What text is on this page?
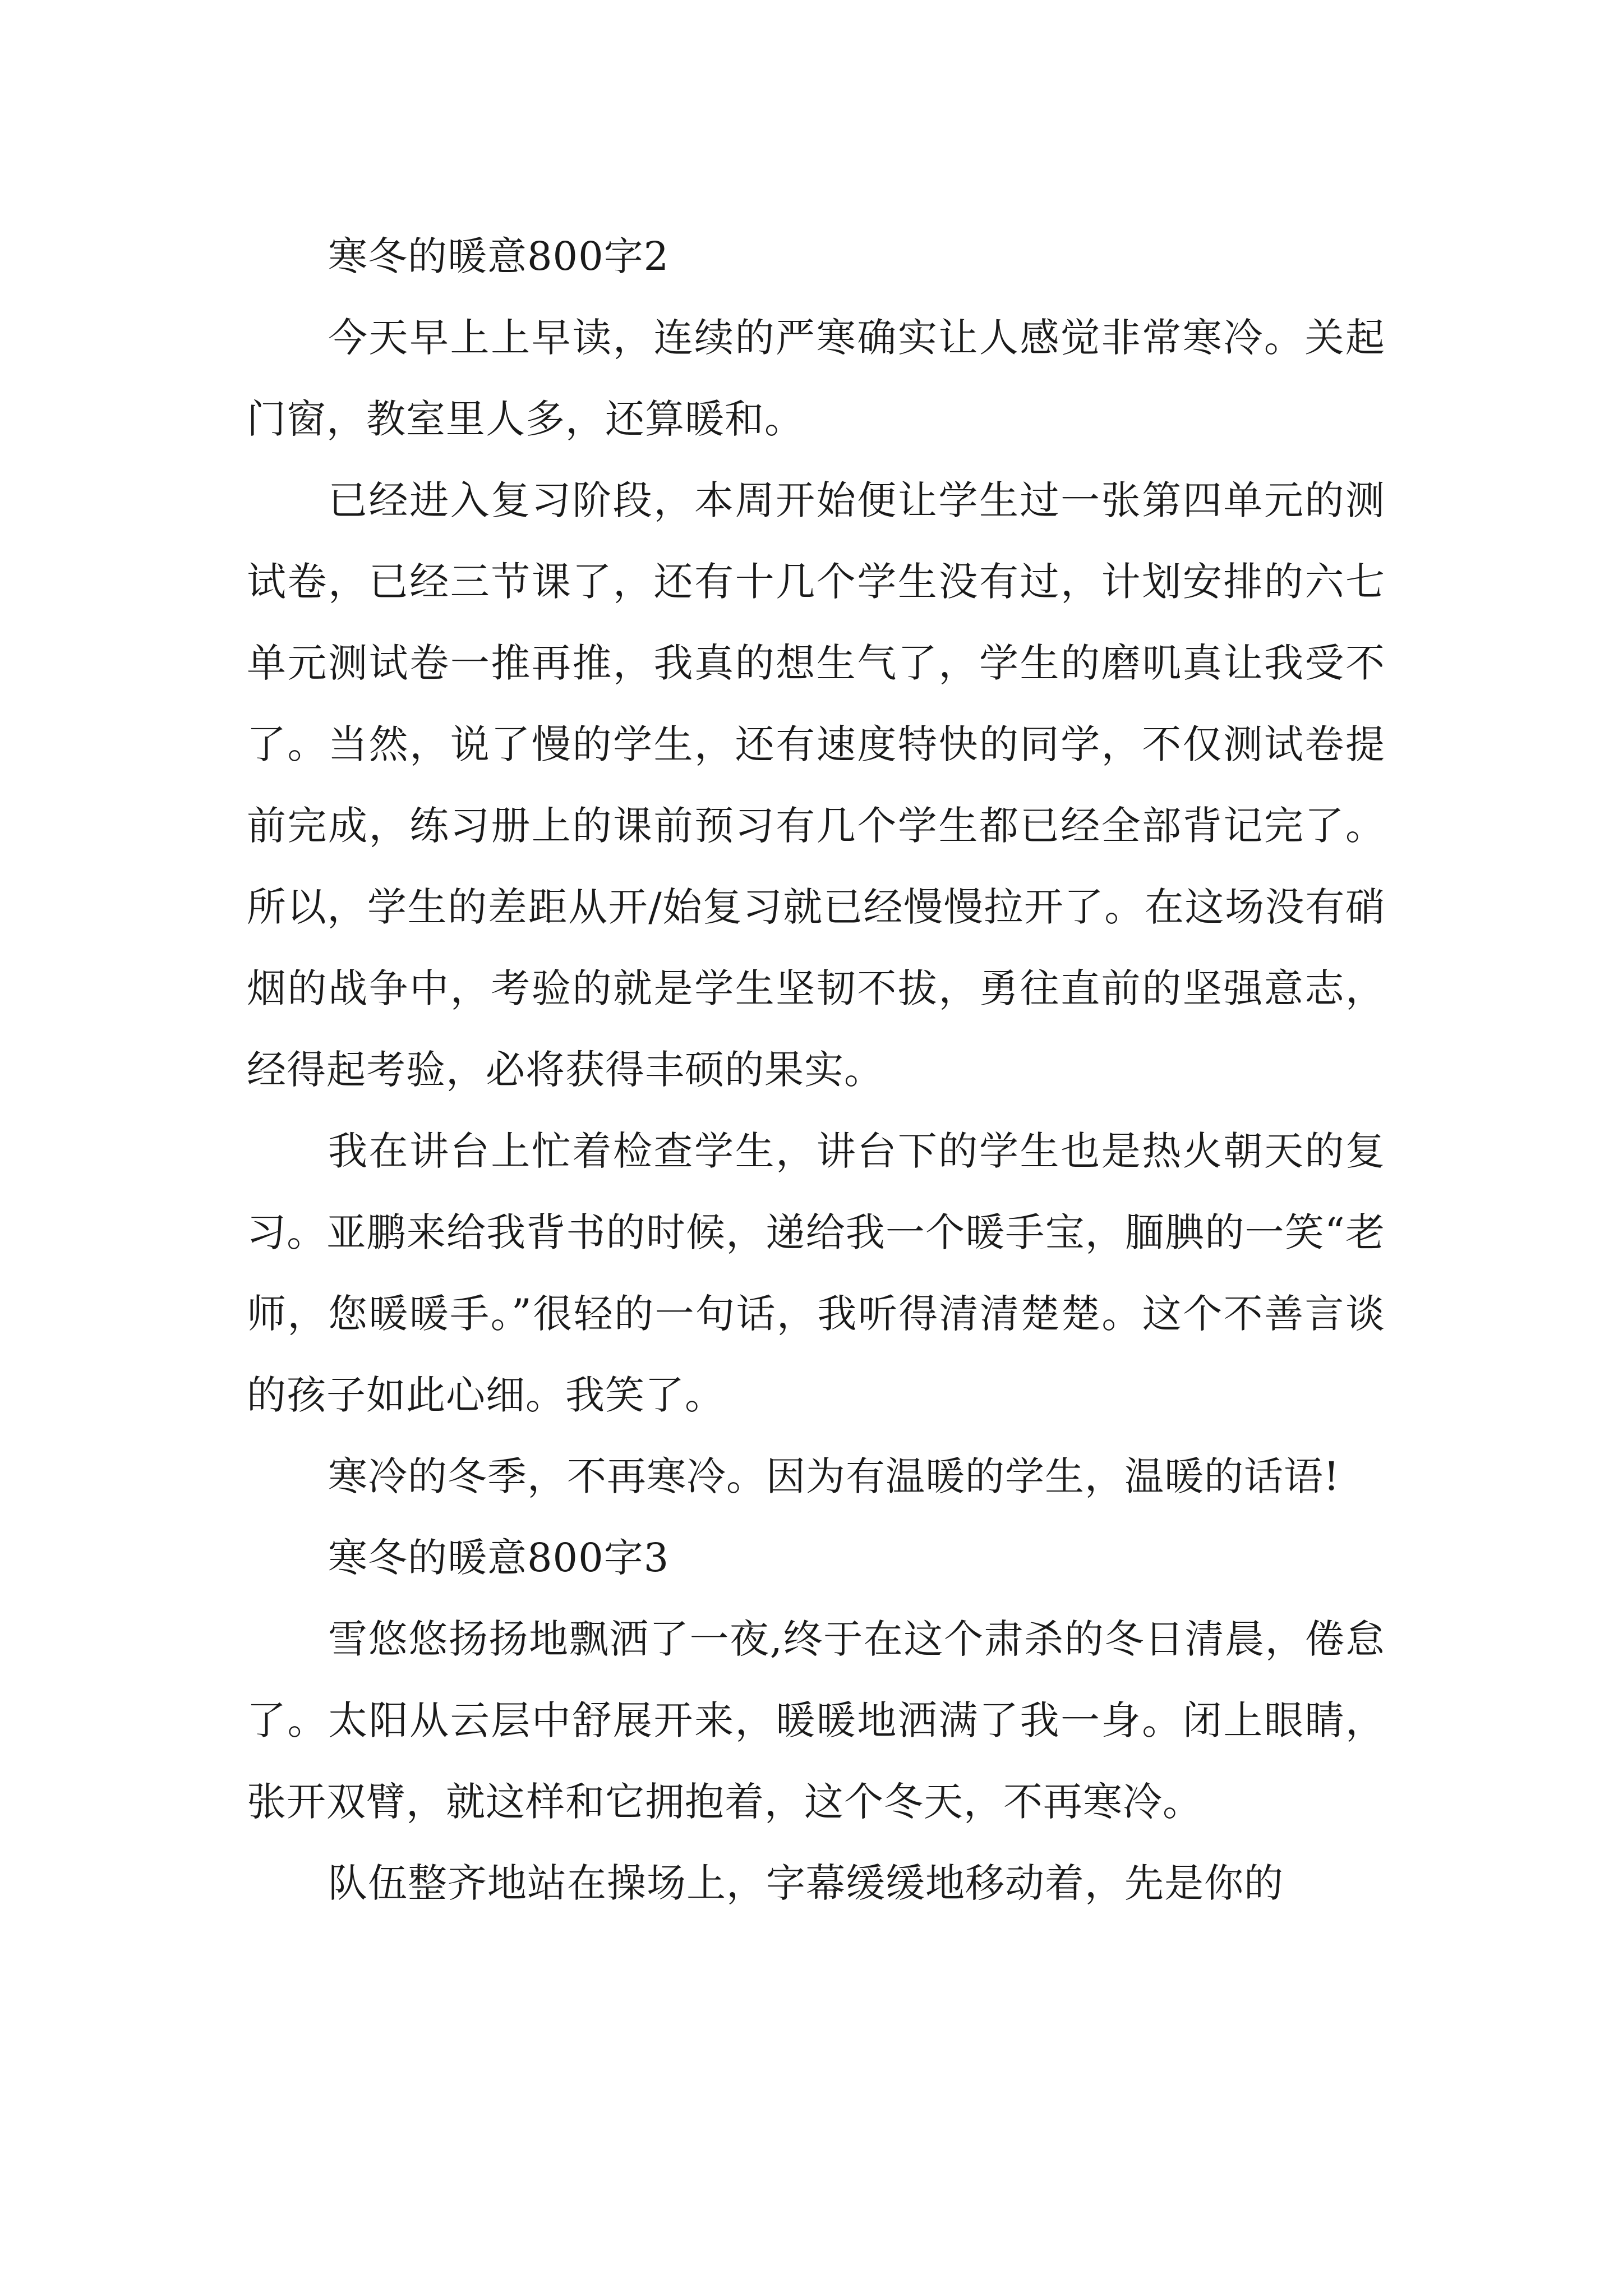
寒冬的暖意800字2

今天早上上早读，连续的严寒确实让人感觉非常寒冷。关起门窗，教室里人多，还算暖和。

已经进入复习阶段，本周开始便让学生过一张第四单元的测试卷，已经三节课了，还有十几个学生没有过，计划安排的六七单元测试卷一推再推，我真的想生气了，学生的磨叽真让我受不了。当然，说了慢的学生，还有速度特快的同学，不仅测试卷提前完成，练习册上的课前预习有几个学生都已经全部背记完了。所以，学生的差距从开/始复习就已经慢慢拉开了。在这场没有硝烟的战争中，考验的就是学生坚韧不拔，勇往直前的坚强意志，经得起考验，必将获得丰硕的果实。

我在讲台上忙着检查学生，讲台下的学生也是热火朝天的复习。亚鹏来给我背书的时候，递给我一个暖手宝，腼腆的一笑“老师，您暖暖手。”很轻的一句话，我听得清清楚楚。这个不善言谈的孩子如此心细。我笑了。

寒冷的冬季，不再寒冷。因为有温暖的学生，温暖的话语!

寒冬的暖意800字3

雪悠悠扬扬地飘洒了一夜,终于在这个肃杀的冬日清晨，倦怠了。太阳从云层中舒展开来，暖暖地洒满了我一身。闭上眼睛，张开双臂，就这样和它拥抱着，这个冬天，不再寒冷。

队伍整齐地站在操场上，字幕缓缓地移动着，先是你的
